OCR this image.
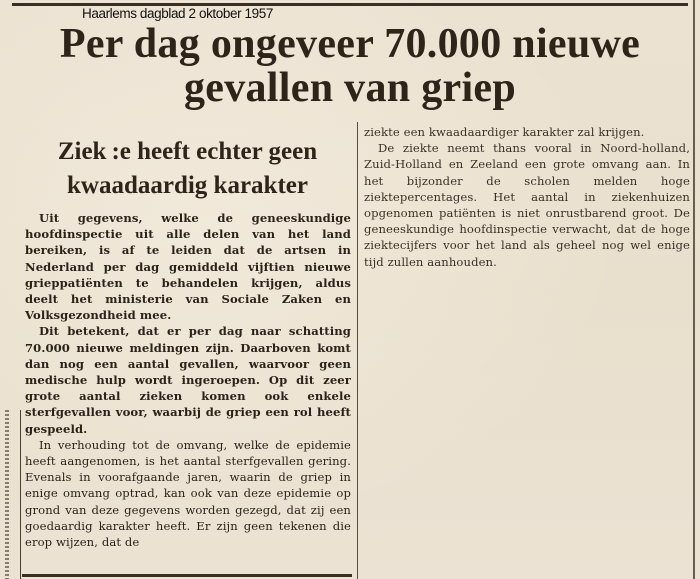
Haarlems dagblad 2 oktober 1957
Per dag ongeveer 70.000 nieuwe
gevallen van griep
Ziek :e heeft echter geen
kwaadaardig karakter

Uit gegevens, welke de geneeskundige hoofdinspectie uit alle delen van het land bereiken, is af te leiden dat de artsen in Nederland per dag gemiddeld vijftien nieuwe grieppatiënten te behandelen krijgen, aldus deelt het ministerie van Sociale Zaken en Volksgezondheid mee.

Dit betekent, dat er per dag naar schatting 70.000 nieuwe meldingen zijn. Daarboven komt dan nog een aantal gevallen, waarvoor geen medische hulp wordt ingeroepen. Op dit zeer grote aantal zieken komen ook enkele sterfgevallen voor, waarbij de griep een rol heeft gespeeld.

In verhouding tot de omvang, welke de epidemie heeft aangenomen, is het aantal sterfgevallen gering. Evenals in voorafgaande jaren, waarin de griep in enige omvang optrad, kan ook van deze epidemie op grond van deze gegevens worden gezegd, dat zij een goedaardig karakter heeft. Er zijn geen tekenen die erop wijzen, dat de

ziekte een kwaadaardiger karakter zal krijgen.

De ziekte neemt thans vooral in Noord-holland, Zuid-Holland en Zeeland een grote omvang aan. In het bijzonder de scholen melden hoge ziektepercentages. Het aantal in ziekenhuizen opgenomen patiënten is niet onrustbarend groot. De geneeskundige hoofdinspectie verwacht, dat de hoge ziektecijfers voor het land als geheel nog wel enige tijd zullen aanhouden.
